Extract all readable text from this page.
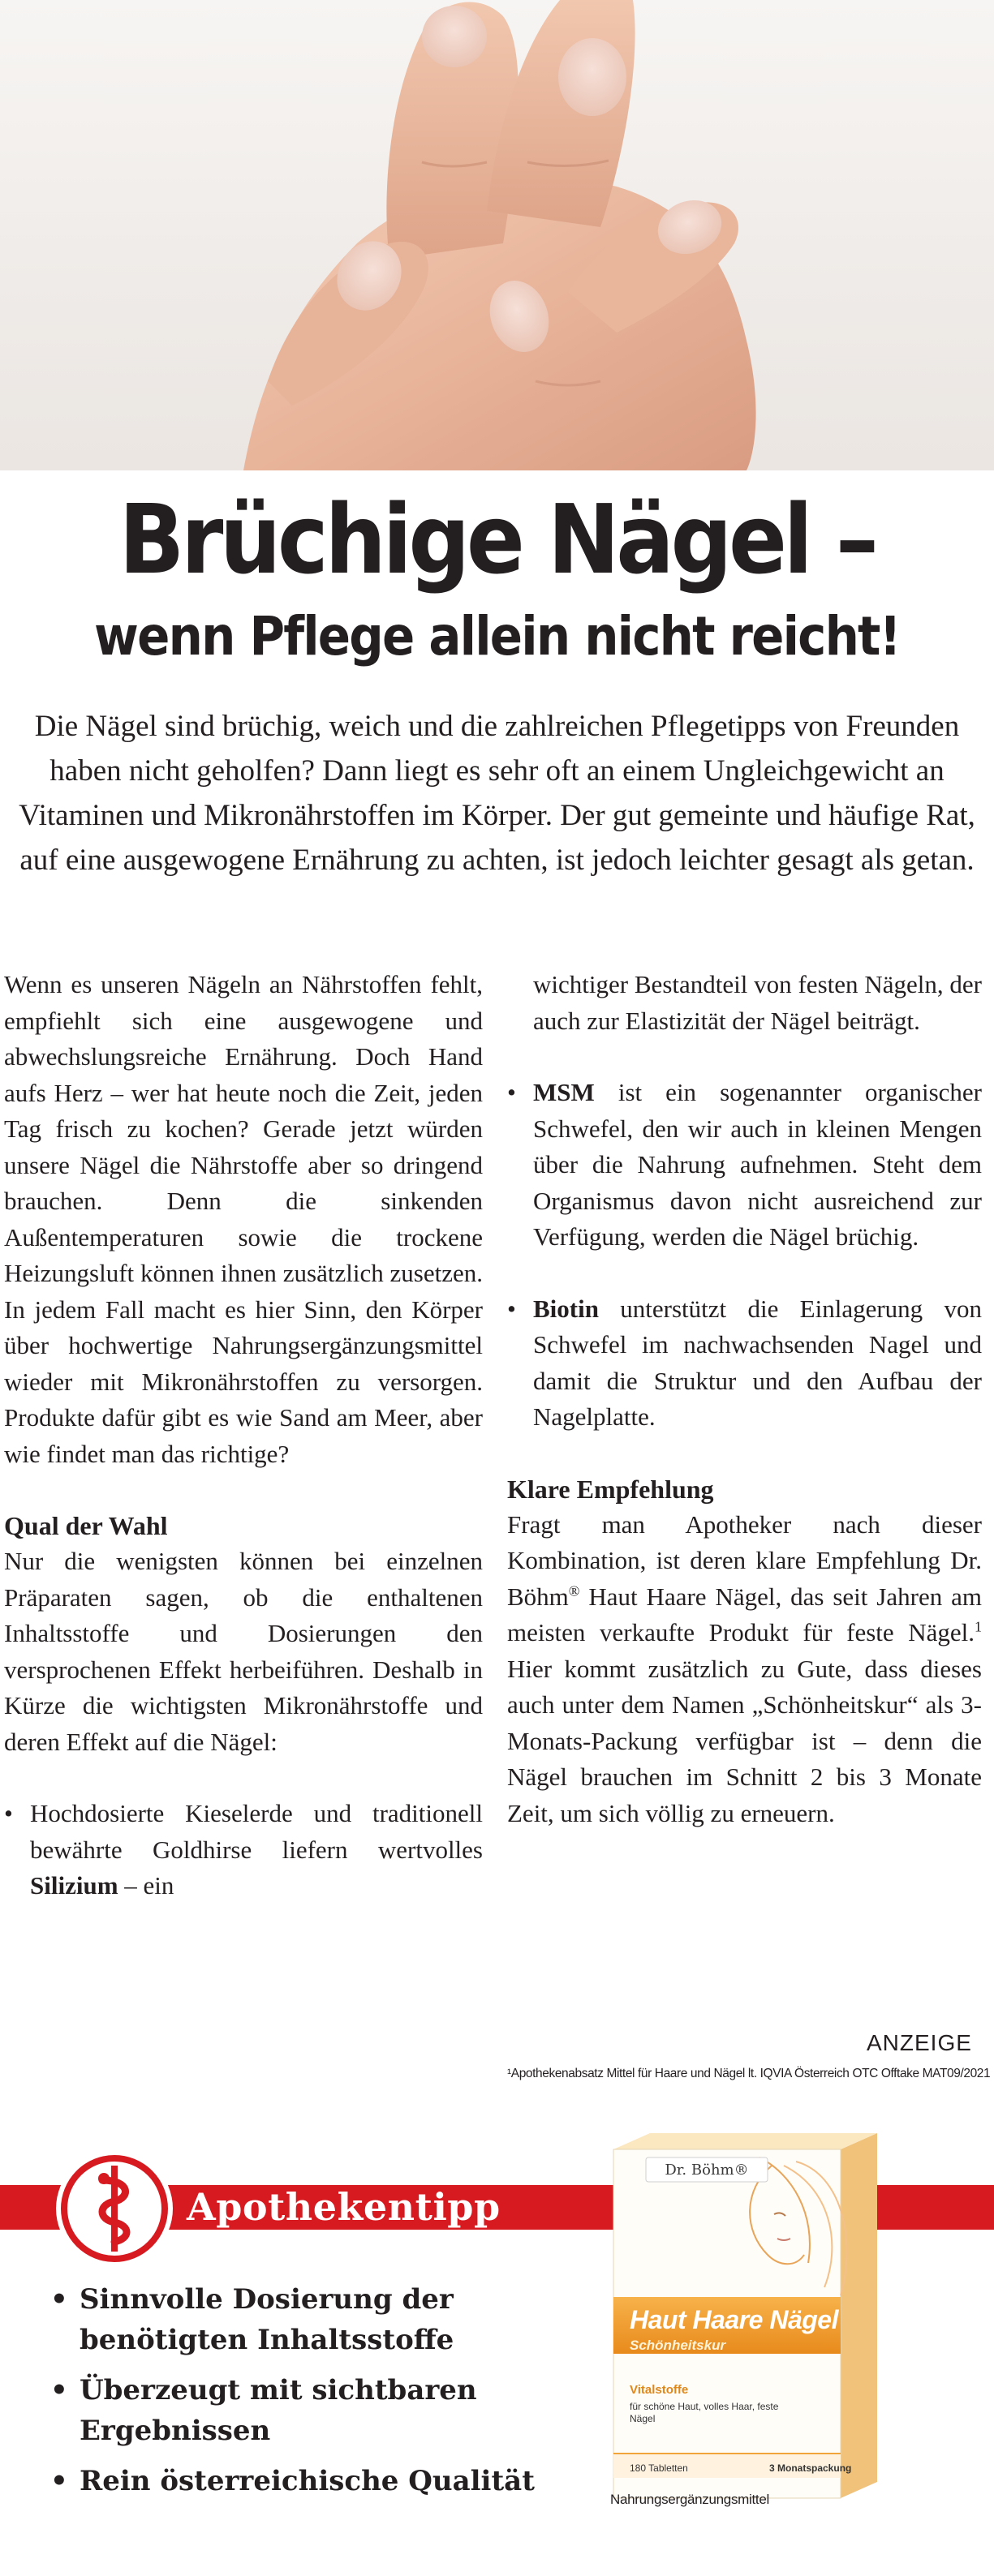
Brüchige Nägel –
wenn Pflege allein nicht reicht!

Die Nägel sind brüchig, weich und die zahlreichen Pflegetipps von Freunden haben nicht geholfen? Dann liegt es sehr oft an einem Ungleichgewicht an Vitaminen und Mikronährstoffen im Körper. Der gut gemeinte und häufige Rat, auf eine ausgewogene Ernährung zu achten, ist jedoch leichter gesagt als getan.

Wenn es unseren Nägeln an Nährstoffen fehlt, empfiehlt sich eine ausgewogene und abwechslungsreiche Ernährung. Doch Hand aufs Herz – wer hat heute noch die Zeit, jeden Tag frisch zu kochen? Gerade jetzt würden unsere Nägel die Nährstoffe aber so dringend brauchen. Denn die sinkenden Außentemperaturen sowie die trockene Heizungsluft können ihnen zusätzlich zusetzen. In jedem Fall macht es hier Sinn, den Körper über hochwertige Nahrungsergänzungsmittel wieder mit Mikronährstoffen zu versorgen. Produkte dafür gibt es wie Sand am Meer, aber wie findet man das richtige?

Qual der Wahl

Nur die wenigsten können bei einzelnen Präparaten sagen, ob die enthaltenen Inhaltsstoffe und Dosierungen den versprochenen Effekt herbeiführen. Deshalb in Kürze die wichtigsten Mikronährstoffe und deren Effekt auf die Nägel:

• Hochdosierte Kieselerde und traditionell bewährte Goldhirse liefern wertvolles Silizium – ein

wichtiger Bestandteil von festen Nägeln, der auch zur Elastizität der Nägel beiträgt.

• MSM ist ein sogenannter organischer Schwefel, den wir auch in kleinen Mengen über die Nahrung aufnehmen. Steht dem Organismus davon nicht ausreichend zur Verfügung, werden die Nägel brüchig.
• Biotin unterstützt die Einlagerung von Schwefel im nachwachsenden Nagel und damit die Struktur und den Aufbau der Nagelplatte.
Klare Empfehlung

Fragt man Apotheker nach dieser Kombination, ist deren klare Empfehlung Dr. Böhm® Haut Haare Nägel, das seit Jahren am meisten verkaufte Produkt für feste Nägel.$^1$ Hier kommt zusätzlich zu Gute, dass dieses auch unter dem Namen „Schönheitskur“ als 3-Monats-Packung verfügbar ist – denn die Nägel brauchen im Schnitt 2 bis 3 Monate Zeit, um sich völlig zu erneuern.

ANZEIGE
¹Apothekenabsatz Mittel für Haare und Nägel lt. IQVIA Österreich OTC Offtake MAT09/2021
Apothekentipp
• Sinnvolle Dosierung der benötigten Inhaltsstoffe
• Überzeugt mit sichtbaren Ergebnissen
• Rein österreichische Qualität
Dr. Böhm®
Haut Haare Nägel
Schönheitskur
Vitalstoffe
für schöne Haut, volles Haar, feste Nägel
180 Tabletten	3 Monatspackung
Nahrungsergänzungsmittel
